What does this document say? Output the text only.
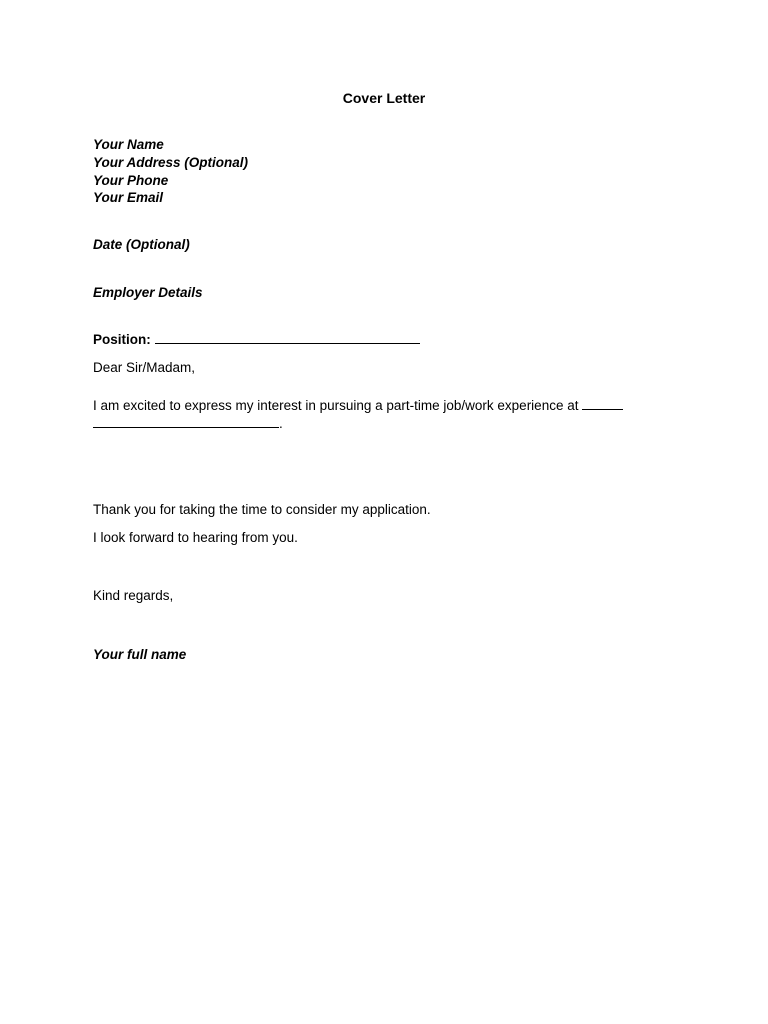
Cover Letter
Your Name
Your Address (Optional)
Your Phone
Your Email
Date (Optional)
Employer Details
Position:
Dear Sir/Madam,
I am excited to express my interest in pursuing a part-time job/work experience at
.
Thank you for taking the time to consider my application.
I look forward to hearing from you.
Kind regards,
Your full name
